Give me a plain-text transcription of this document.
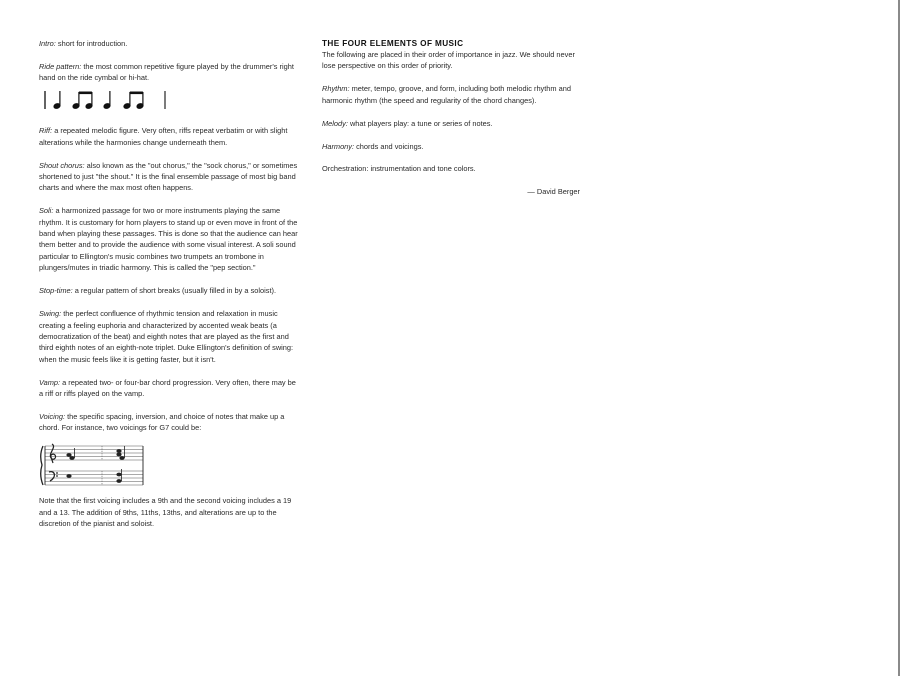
Intro: short for introduction.

Ride pattern: the most common repetitive figure played by the drummer's right hand on the ride cymbal or hi-hat.

Riff: a repeated melodic figure. Very often, riffs repeat verbatim or with slight alterations while the harmonies change underneath them.

Shout chorus: also known as the "out chorus," the "sock chorus," or sometimes shortened to just "the shout." It is the final ensemble passage of most big band charts and where the max most often happens.

Soli: a harmonized passage for two or more instruments playing the same rhythm. It is customary for horn players to stand up or even move in front of the band when playing these passages. This is done so that the audience can hear them better and to provide the audience with some visual interest. A soli sound particular to Ellington's music combines two trumpets an trombone in plungers/mutes in triadic harmony. This is called the "pep section."

Stop-time: a regular pattern of short breaks (usually filled in by a soloist).

Swing: the perfect confluence of rhythmic tension and relaxation in music creating a feeling euphoria and characterized by accented weak beats (a democratization of the beat) and eighth notes that are played as the first and third eighth notes of an eighth-note triplet. Duke Ellington's definition of swing: when the music feels like it is getting faster, but it isn't.

Vamp: a repeated two- or four-bar chord progression. Very often, there may be a riff or riffs played on the vamp.

Voicing: the specific spacing, inversion, and choice of notes that make up a chord. For instance, two voicings for G7 could be:

Note that the first voicing includes a 9th and the second voicing includes a 19 and a 13. The addition of 9ths, 11ths, 13ths, and alterations are up to the discretion of the pianist and soloist.

THE FOUR ELEMENTS OF MUSIC

The following are placed in their order of importance in jazz. We should never lose perspective on this order of priority.

Rhythm: meter, tempo, groove, and form, including both melodic rhythm and harmonic rhythm (the speed and regularity of the chord changes).

Melody: what players play: a tune or series of notes.

Harmony: chords and voicings.

Orchestration: instrumentation and tone colors.

— David Berger
